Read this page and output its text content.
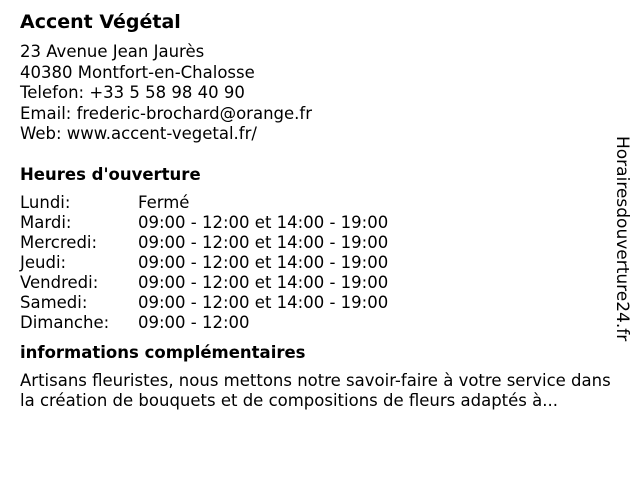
Accent Végétal
23 Avenue Jean Jaurès
40380 Montfort-en-Chalosse
Telefon: +33 5 58 98 40 90
Email: frederic-brochard@orange.fr
Web: www.accent-vegetal.fr/
Heures d'ouverture
Lundi:	Fermé
Mardi:	09:00 - 12:00 et 14:00 - 19:00
Mercredi:	09:00 - 12:00 et 14:00 - 19:00
Jeudi:	09:00 - 12:00 et 14:00 - 19:00
Vendredi:	09:00 - 12:00 et 14:00 - 19:00
Samedi:	09:00 - 12:00 et 14:00 - 19:00
Dimanche:	09:00 - 12:00
informations complémentaires
Artisans fleuristes, nous mettons notre savoir-faire à votre service dans la création de bouquets et de compositions de fleurs adaptés à...
Horairesdouverture24.fr
